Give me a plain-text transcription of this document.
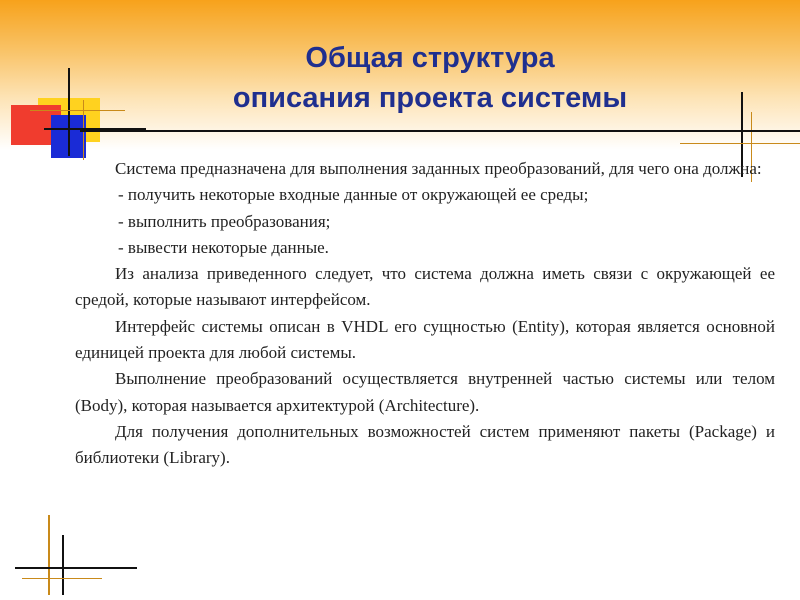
Общая структура
описания проекта системы

Система предназначена для выполнения заданных преобразований, для чего она должна:

- получить некоторые входные данные от окружающей ее среды;

- выполнить преобразования;

- вывести некоторые данные.

Из анализа приведенного следует, что система должна иметь связи с окружающей ее средой, которые называют интерфейсом.

Интерфейс системы описан в VHDL его сущностью (Entity), которая является основной единицей проекта для любой системы.

Выполнение преобразований осуществляется внутренней частью системы или телом (Body), которая называется архитектурой (Architecture).

Для получения дополнительных возможностей систем применяют пакеты (Package) и библиотеки (Library).
